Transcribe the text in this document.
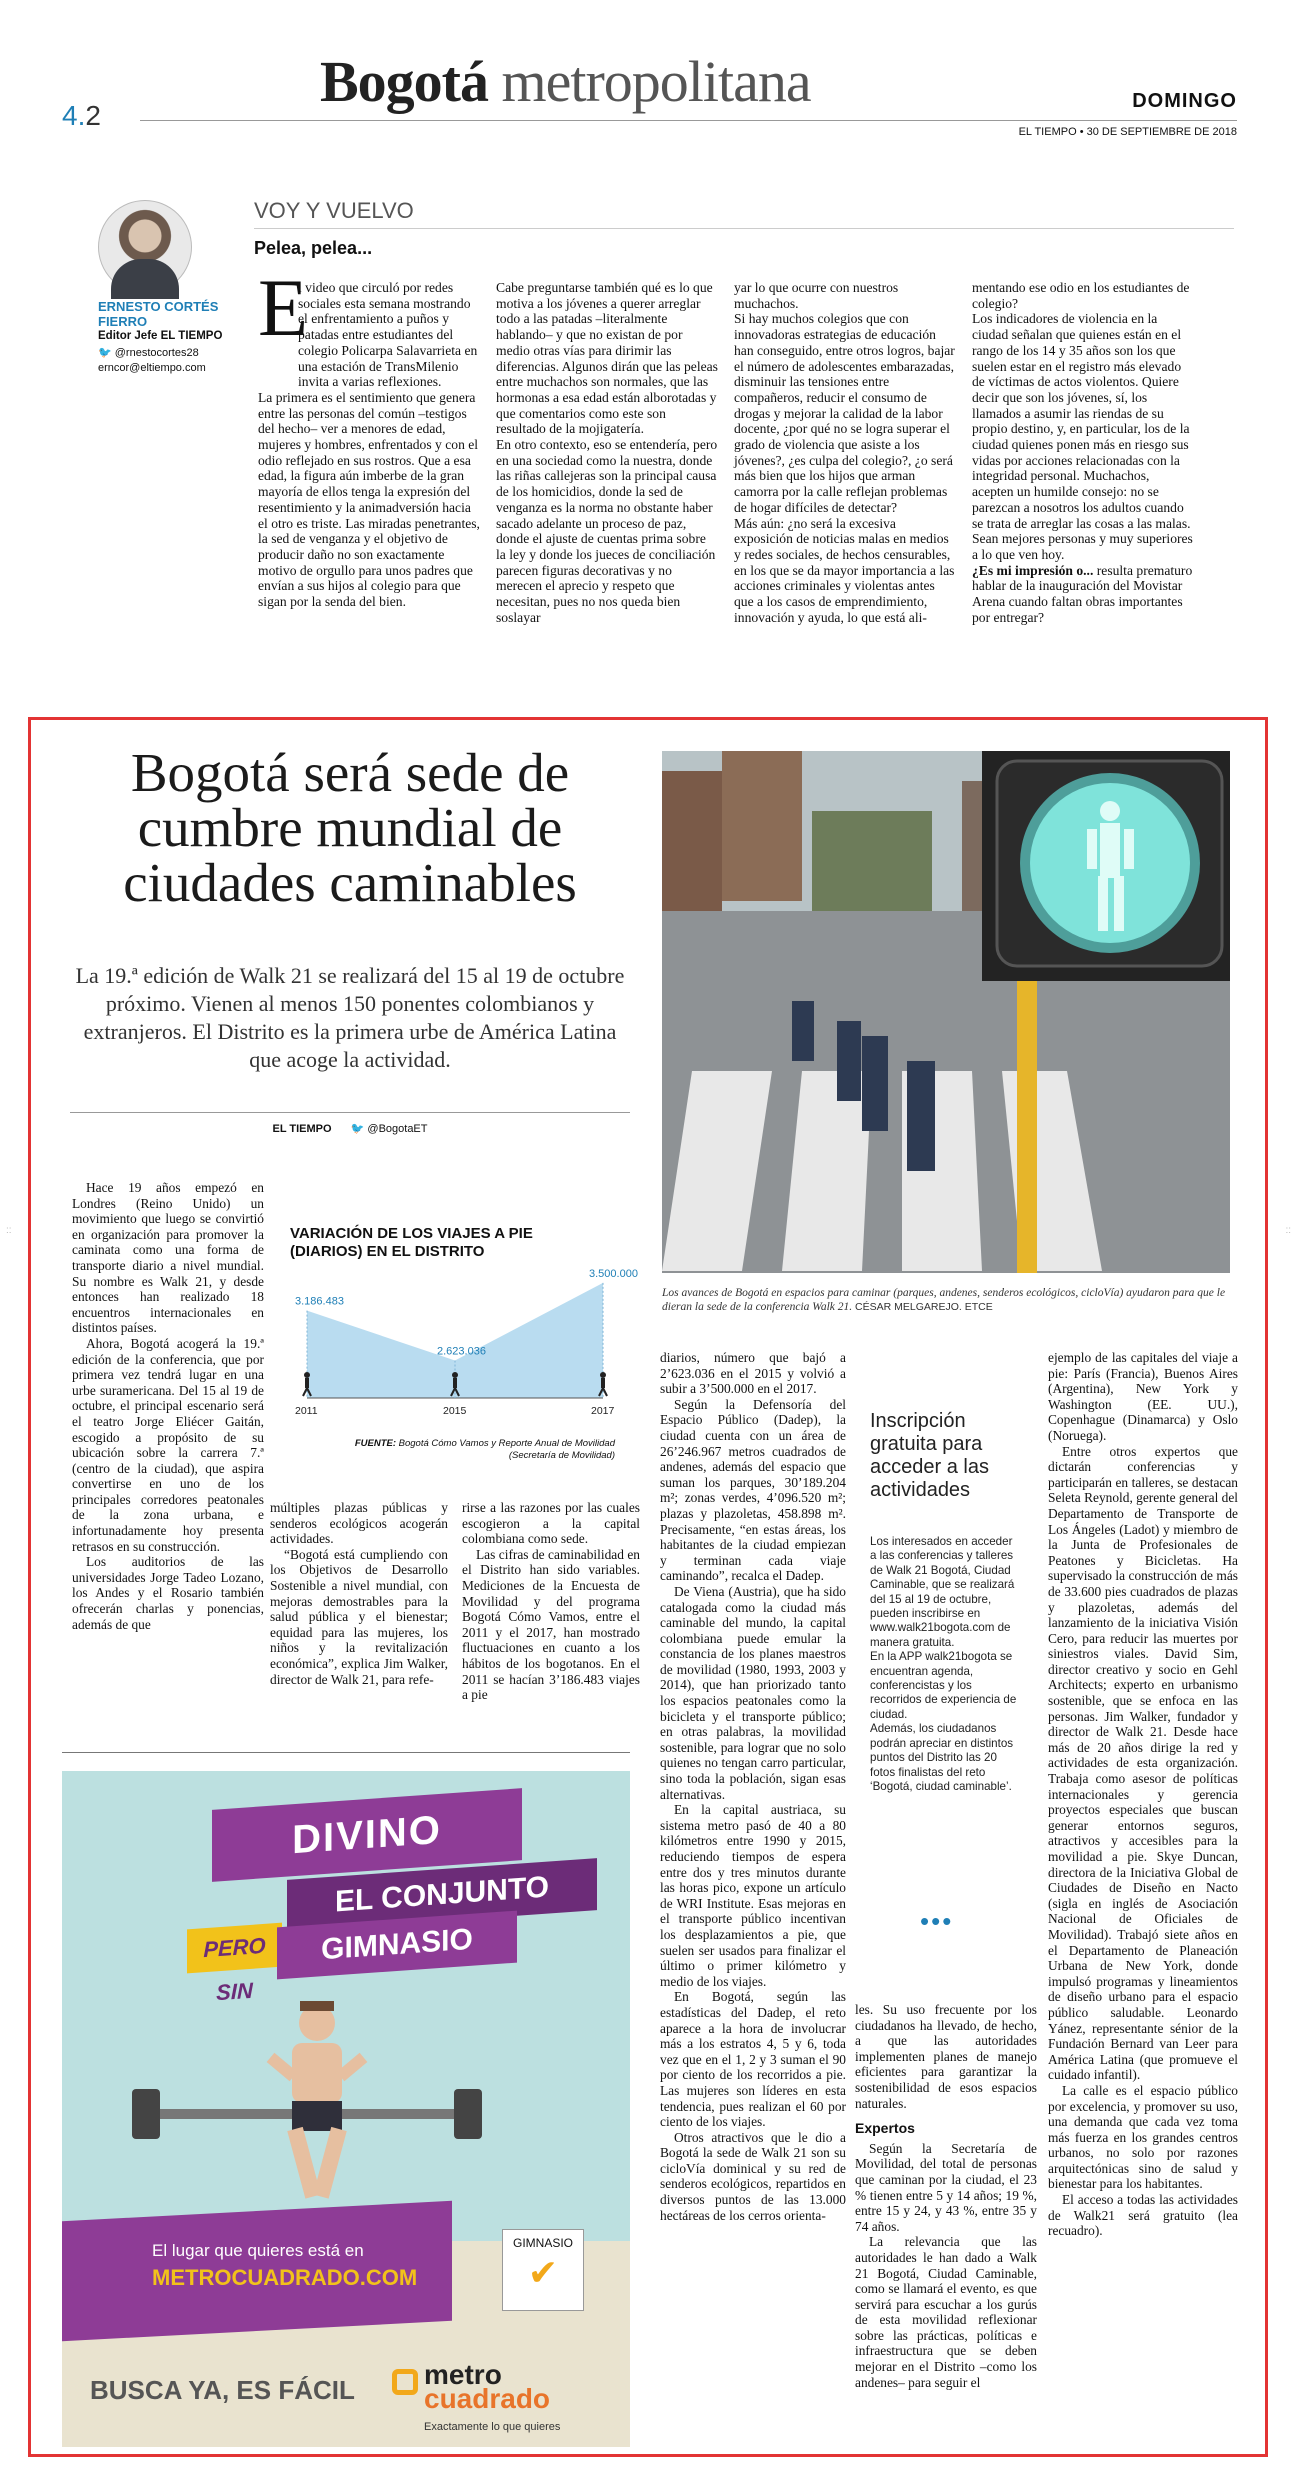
Bogotá metropolitana
4.2	DOMINGO
EL TIEMPO • 30 DE SEPTIEMBRE DE 2018
ERNESTO CORTÉS FIERRO
Editor Jefe EL TIEMPO
🐦 @rnestocortes28
erncor@eltiempo.com
VOY Y VUELVO
Pelea, pelea...
E

l video que circuló por redes sociales esta semana mostrando el enfrentamiento a puños y patadas entre estudiantes del colegio Policarpa Salavarrieta en una estación de TransMilenio invita a varias reflexiones.

La primera es el sentimiento que genera entre las personas del común –testigos del hecho– ver a menores de edad, mujeres y hombres, enfrentados y con el odio reflejado en sus rostros. Que a esa edad, la figura aún imberbe de la gran mayoría de ellos tenga la expresión del resentimiento y la animadversión hacia el otro es triste. Las miradas penetrantes, la sed de venganza y el objetivo de producir daño no son exactamente motivo de orgullo para unos padres que envían a sus hijos al colegio para que sigan por la senda del bien.

Cabe preguntarse también qué es lo que motiva a los jóvenes a querer arreglar todo a las patadas –literalmente hablando– y que no existan de por medio otras vías para dirimir las diferencias. Algunos dirán que las peleas entre muchachos son normales, que las hormonas a esa edad están alborotadas y que comentarios como este son resultado de la mojigatería.

En otro contexto, eso se entendería, pero en una sociedad como la nuestra, donde las riñas callejeras son la principal causa de los homicidios, donde la sed de venganza es la norma no obstante haber sacado adelante un proceso de paz, donde el ajuste de cuentas prima sobre la ley y donde los jueces de conciliación parecen figuras decorativas y no merecen el aprecio y respeto que necesitan, pues no nos queda bien soslayar

yar lo que ocurre con nuestros muchachos.

Si hay muchos colegios que con innovadoras estrategias de educación han conseguido, entre otros logros, bajar el número de adolescentes embarazadas, disminuir las tensiones entre compañeros, reducir el consumo de drogas y mejorar la calidad de la labor docente, ¿por qué no se logra superar el grado de violencia que asiste a los jóvenes?, ¿es culpa del colegio?, ¿o será más bien que los hijos que arman camorra por la calle reflejan problemas de hogar difíciles de detectar?

Más aún: ¿no será la excesiva exposición de noticias malas en medios y redes sociales, de hechos censurables, en los que se da mayor importancia a las acciones criminales y violentas antes que a los casos de emprendimiento, innovación y ayuda, lo que está ali-

mentando ese odio en los estudiantes de colegio?

Los indicadores de violencia en la ciudad señalan que quienes están en el rango de los 14 y 35 años son los que suelen estar en el registro más elevado de víctimas de actos violentos. Quiere decir que son los jóvenes, sí, los llamados a asumir las riendas de su propio destino, y, en particular, los de la ciudad quienes ponen más en riesgo sus vidas por acciones relacionadas con la integridad personal. Muchachos, acepten un humilde consejo: no se parezcan a nosotros los adultos cuando se trata de arreglar las cosas a las malas. Sean mejores personas y muy superiores a lo que ven hoy.

¿Es mi impresión o... resulta prematuro hablar de la inauguración del Movistar Arena cuando faltan obras importantes por entregar?

Bogotá será sede de cumbre mundial de ciudades caminables
La 19.ª edición de Walk 21 se realizará del 15 al 19 de octubre próximo. Vienen al menos 150 ponentes colombianos y extranjeros. El Distrito es la primera urbe de América Latina que acoge la actividad.
EL TIEMPO 🐦 @BogotaET
Los avances de Bogotá en espacios para caminar (parques, andenes, senderos ecológicos, cicloVía) ayudaron para que le dieran la sede de la conferencia Walk 21. CÉSAR MELGAREJO. ETCE

Hace 19 años empezó en Londres (Reino Unido) un movimiento que luego se convirtió en organización para promover la caminata como una forma de transporte diario a nivel mundial. Su nombre es Walk 21, y desde entonces han realizado 18 encuentros internacionales en distintos países.

Ahora, Bogotá acogerá la 19.ª edición de la conferencia, que por primera vez tendrá lugar en una urbe suramericana. Del 15 al 19 de octubre, el principal escenario será el teatro Jorge Eliécer Gaitán, escogido a propósito de su ubicación sobre la carrera 7.ª (centro de la ciudad), que aspira convertirse en uno de los principales corredores peatonales de la zona urbana, e infortunadamente hoy presenta retrasos en su construcción.

Los auditorios de las universidades Jorge Tadeo Lozano, los Andes y el Rosario también ofrecerán charlas y ponencias, además de que

VARIACIÓN DE LOS VIAJES A PIE (DIARIOS) EN EL DISTRITO
3.186.483
2011
2.623.036
2015
3.500.000
2017
FUENTE: Bogotá Cómo Vamos y Reporte Anual de Movilidad (Secretaría de Movilidad)

múltiples plazas públicas y senderos ecológicos acogerán actividades.

“Bogotá está cumpliendo con los Objetivos de Desarrollo Sostenible a nivel mundial, con mejoras demostrables para la salud pública y el bienestar; equidad para las mujeres, los niños y la revitalización económica”, explica Jim Walker, director de Walk 21, para refe-

rirse a las razones por las cuales escogieron a la capital colombiana como sede.

Las cifras de caminabilidad en el Distrito han sido variables. Mediciones de la Encuesta de Movilidad y del programa Bogotá Cómo Vamos, entre el 2011 y el 2017, han mostrado fluctuaciones en cuanto a los hábitos de los bogotanos. En el 2011 se hacían 3’186.483 viajes a pie

diarios, número que bajó a 2’623.036 en el 2015 y volvió a subir a 3’500.000 en el 2017.

Según la Defensoría del Espacio Público (Dadep), la ciudad cuenta con un área de 26’246.967 metros cuadrados de andenes, además del espacio que suman los parques, 30’189.204 m²; zonas verdes, 4’096.520 m²; plazas y plazoletas, 458.898 m². Precisamente, “en estas áreas, los habitantes de la ciudad empiezan y terminan cada viaje caminando”, recalca el Dadep.

De Viena (Austria), que ha sido catalogada como la ciudad más caminable del mundo, la capital colombiana puede emular la constancia de los planes maestros de movilidad (1980, 1993, 2003 y 2014), que han priorizado tanto los espacios peatonales como la bicicleta y el transporte público; en otras palabras, la movilidad sostenible, para lograr que no solo quienes no tengan carro particular, sino toda la población, sigan esas alternativas.

En la capital austriaca, su sistema metro pasó de 40 a 80 kilómetros entre 1990 y 2015, reduciendo tiempos de espera entre dos y tres minutos durante las horas pico, expone un artículo de WRI Institute. Esas mejoras en el transporte público incentivan los desplazamientos a pie, que suelen ser usados para finalizar el último o primer kilómetro y medio de los viajes.

En Bogotá, según las estadísticas del Dadep, el reto aparece a la hora de involucrar más a los estratos 4, 5 y 6, toda vez que en el 1, 2 y 3 suman el 90 por ciento de los recorridos a pie. Las mujeres son líderes en esta tendencia, pues realizan el 60 por ciento de los viajes.

Otros atractivos que le dio a Bogotá la sede de Walk 21 son su cicloVía dominical y su red de senderos ecológicos, repartidos en diversos puntos de las 13.000 hectáreas de los cerros orienta-

Inscripción gratuita para acceder a las actividades
Los interesados en acceder a las conferencias y talleres de Walk 21 Bogotá, Ciudad Caminable, que se realizará del 15 al 19 de octubre, pueden inscribirse en www.walk21bogota.com de manera gratuita.
En la APP walk21bogota se encuentran agenda, conferencistas y los recorridos de experiencia de ciudad.
Además, los ciudadanos podrán apreciar en distintos puntos del Distrito las 20 fotos finalistas del reto ‘Bogotá, ciudad caminable’.
•••

les. Su uso frecuente por los ciudadanos ha llevado, de hecho, a que las autoridades implementen planes de manejo eficientes para garantizar la sostenibilidad de esos espacios naturales.

Expertos

Según la Secretaría de Movilidad, del total de personas que caminan por la ciudad, el 23 % tienen entre 5 y 14 años; 19 %, entre 15 y 24, y 43 %, entre 35 y 74 años.

La relevancia que las autoridades le han dado a Walk 21 Bogotá, Ciudad Caminable, como se llamará el evento, es que servirá para escuchar a los gurús de esta movilidad reflexionar sobre las prácticas, políticas e infraestructura que se deben mejorar en el Distrito –como los andenes– para seguir el

ejemplo de las capitales del viaje a pie: París (Francia), Buenos Aires (Argentina), New York y Washington (EE. UU.), Copenhague (Dinamarca) y Oslo (Noruega).

Entre otros expertos que dictarán conferencias y participarán en talleres, se destacan Seleta Reynold, gerente general del Departamento de Transporte de Los Ángeles (Ladot) y miembro de la Junta de Profesionales de Peatones y Bicicletas. Ha supervisado la construcción de más de 33.600 pies cuadrados de plazas y plazoletas, además del lanzamiento de la iniciativa Visión Cero, para reducir las muertes por siniestros viales. David Sim, director creativo y socio en Gehl Architects; experto en urbanismo sostenible, que se enfoca en las personas. Jim Walker, fundador y director de Walk 21. Desde hace más de 20 años dirige la red y actividades de esta organización. Trabaja como asesor de políticas internacionales y gerencia proyectos especiales que buscan generar entornos seguros, atractivos y accesibles para la movilidad a pie. Skye Duncan, directora de la Iniciativa Global de Ciudades de Diseño en Nacto (sigla en inglés de Asociación Nacional de Oficiales de Movilidad). Trabajó siete años en el Departamento de Planeación Urbana de New York, donde impulsó programas y lineamientos de diseño urbano para el espacio público saludable. Leonardo Yánez, representante sénior de la Fundación Bernard van Leer para América Latina (que promueve el cuidado infantil).

La calle es el espacio público por excelencia, y promover su uso, una demanda que cada vez toma más fuerza en los grandes centros urbanos, no solo por razones arquitectónicas sino de salud y bienestar para los habitantes.

El acceso a todas las actividades de Walk21 será gratuito (lea recuadro).

DIVINO
EL CONJUNTO
PERO SIN
GIMNASIO
El lugar que quieres está en
METROCUADRADO.COM
GIMNASIO
✔
BUSCA YA, ES FÁCIL metro
cuadrado
Exactamente lo que quieres
::	::
